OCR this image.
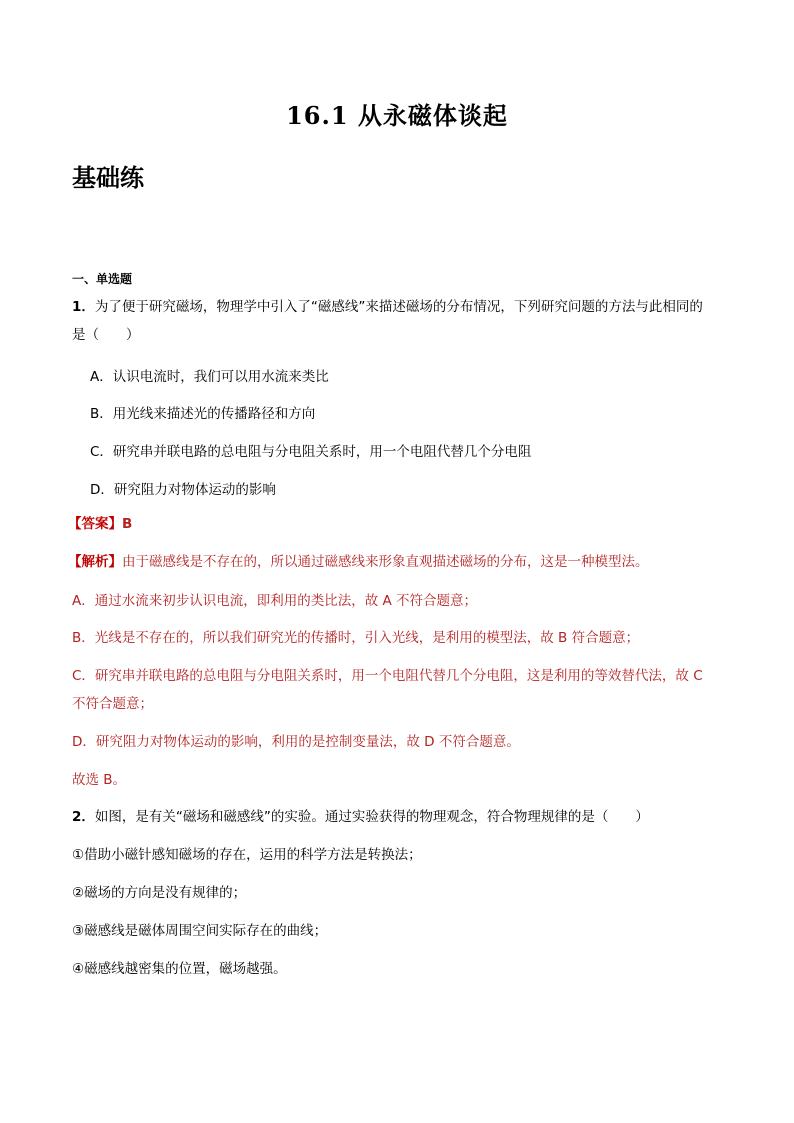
16.1 从永磁体谈起
基础练
一、单选题
1．为了便于研究磁场，物理学中引入了“磁感线”来描述磁场的分布情况，下列研究问题的方法与此相同的
是（　　）
A．认识电流时，我们可以用水流来类比
B．用光线来描述光的传播路径和方向
C．研究串并联电路的总电阻与分电阻关系时，用一个电阻代替几个分电阻
D．研究阻力对物体运动的影响
【答案】B
【解析】由于磁感线是不存在的，所以通过磁感线来形象直观描述磁场的分布，这是一种模型法。
A．通过水流来初步认识电流，即利用的类比法，故 A 不符合题意；
B．光线是不存在的，所以我们研究光的传播时，引入光线，是利用的模型法，故 B 符合题意；
C．研究串并联电路的总电阻与分电阻关系时，用一个电阻代替几个分电阻，这是利用的等效替代法，故 C
不符合题意；
D．研究阻力对物体运动的影响，利用的是控制变量法，故 D 不符合题意。
故选 B。
2．如图，是有关“磁场和磁感线”的实验。通过实验获得的物理观念，符合物理规律的是（　　）
①借助小磁针感知磁场的存在，运用的科学方法是转换法；
②磁场的方向是没有规律的；
③磁感线是磁体周围空间实际存在的曲线；
④磁感线越密集的位置，磁场越强。
